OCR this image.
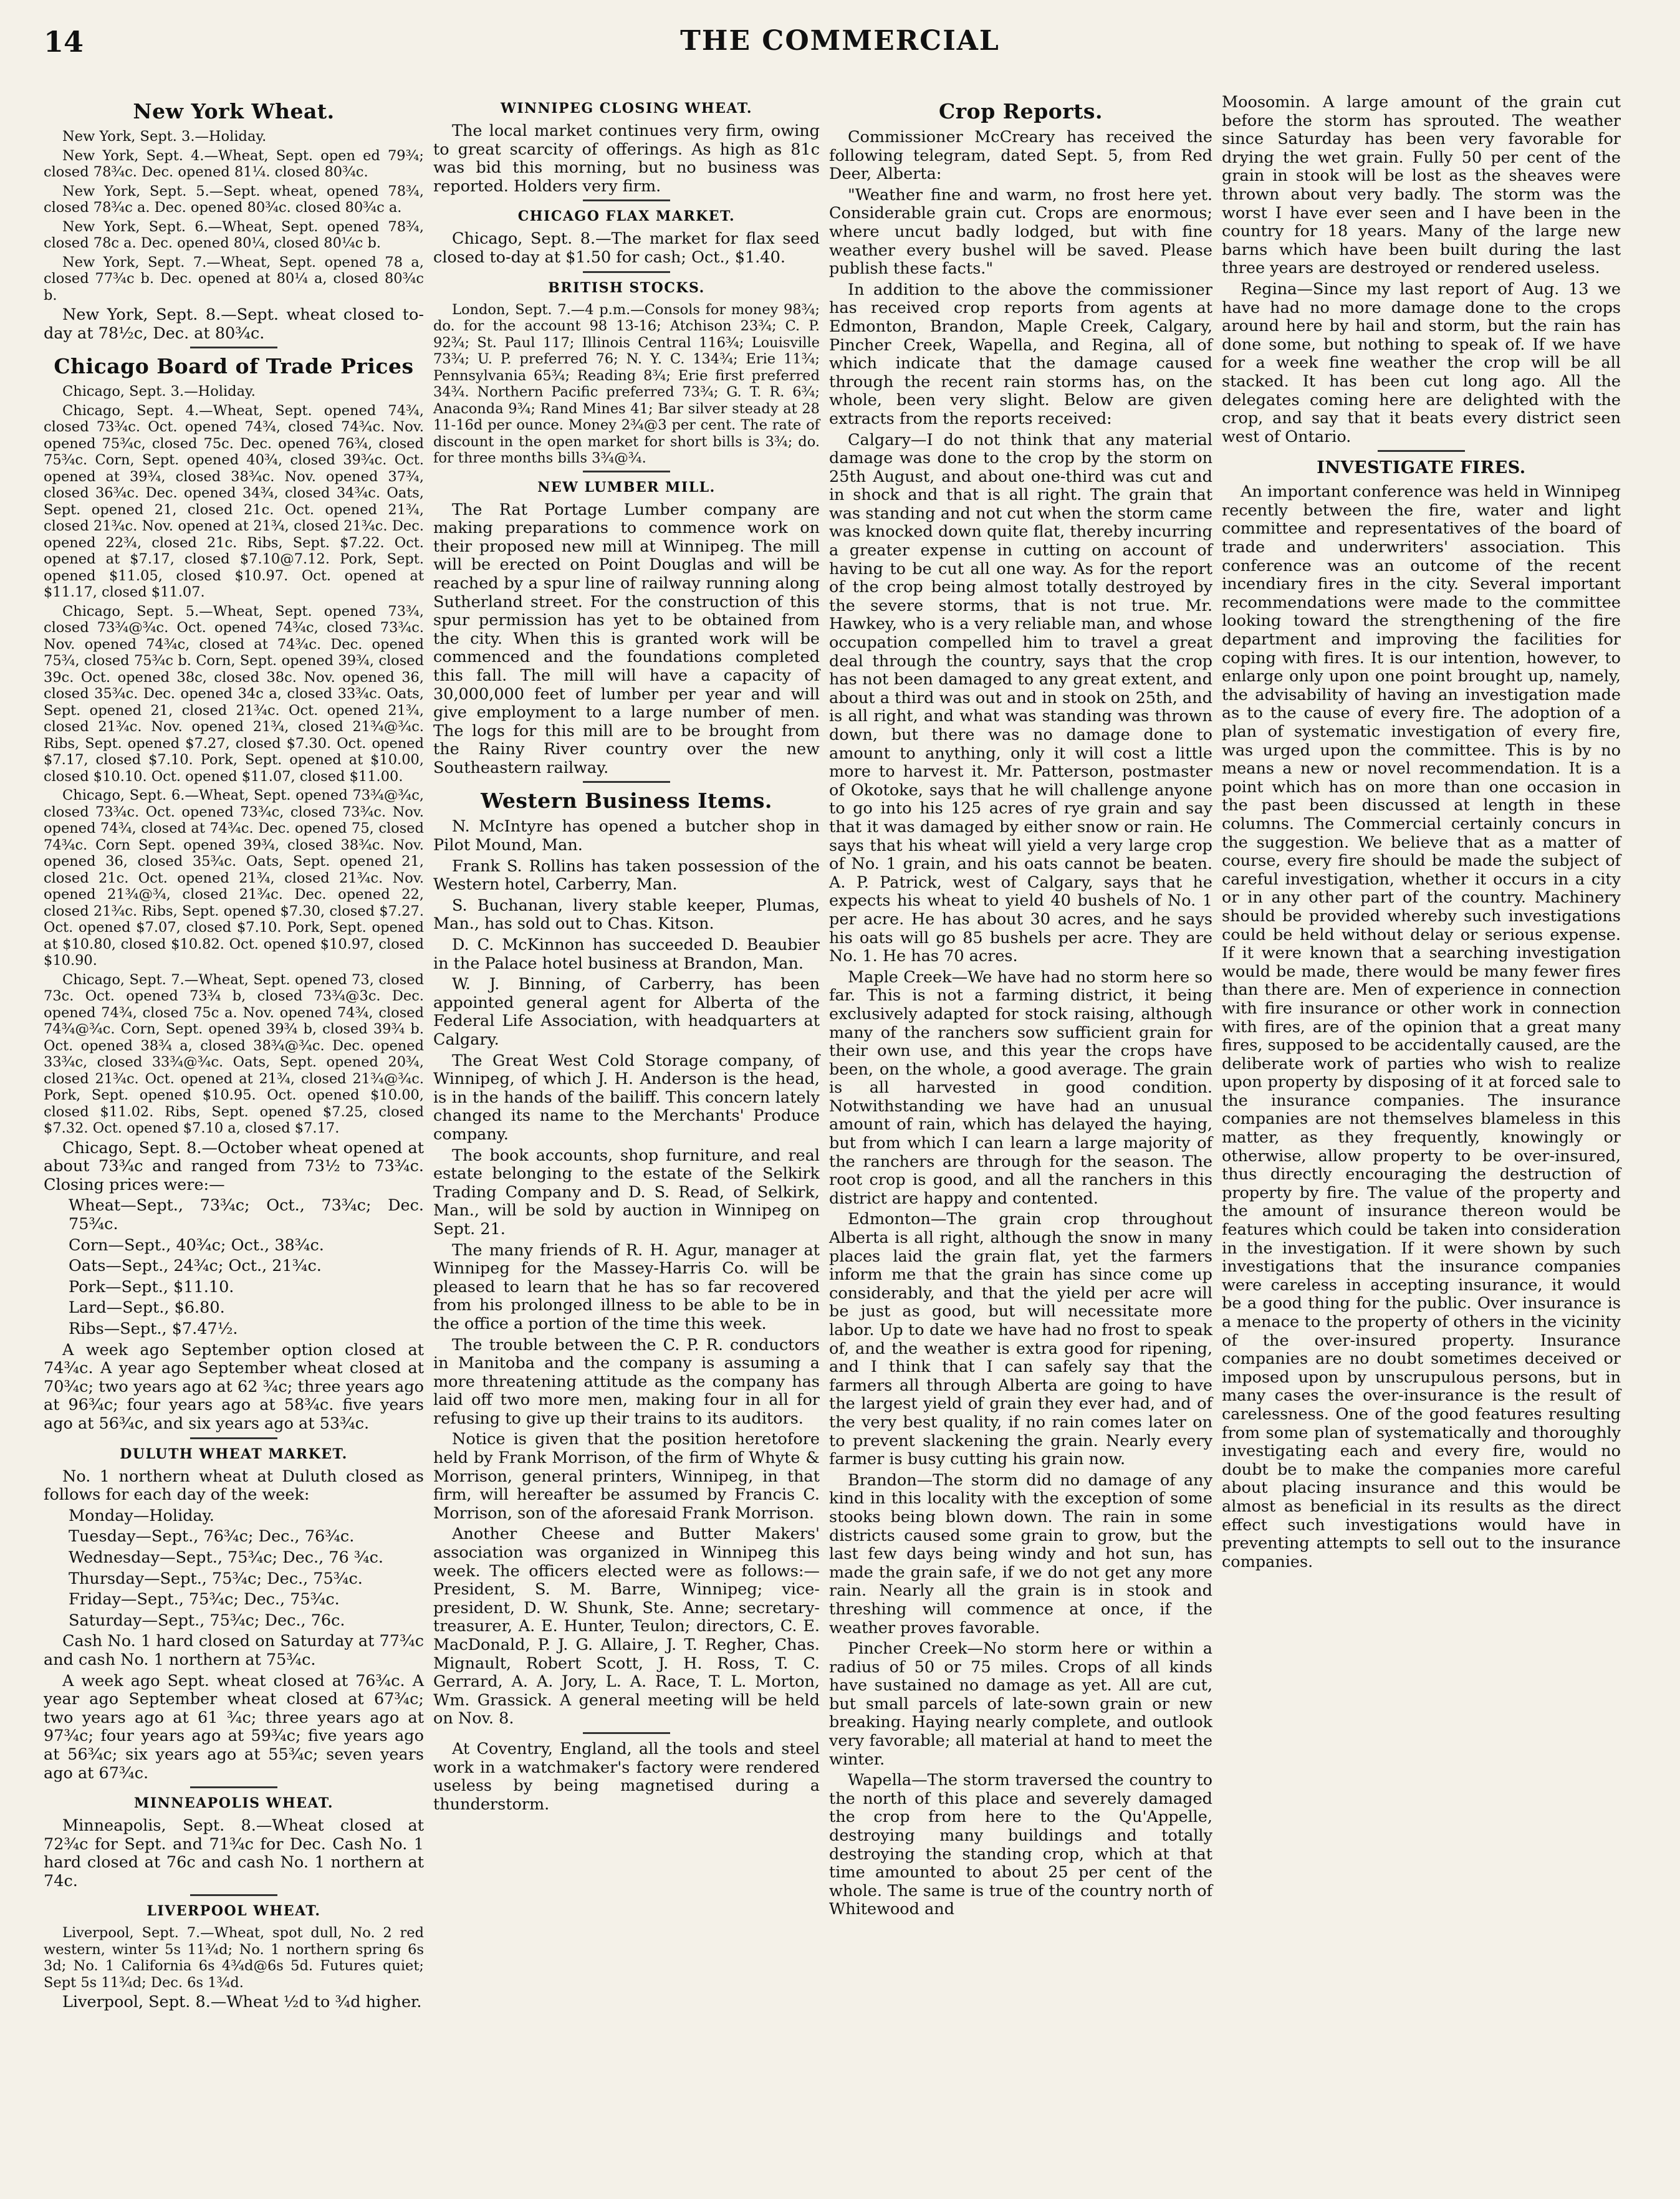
14	THE COMMERCIAL
New York Wheat.

New York, Sept. 3.—Holiday.

New York, Sept. 4.—Wheat, Sept. open ed 79¾; closed 78¾c. Dec. opened 81¼. closed 80¾c.

New York, Sept. 5.—Sept. wheat, opened 78¾, closed 78¾c a. Dec. opened 80¾c. closed 80¾c a.

New York, Sept. 6.—Wheat, Sept. opened 78¾, closed 78c a. Dec. opened 80¼, closed 80¼c b.

New York, Sept. 7.—Wheat, Sept. opened 78 a, closed 77¾c b. Dec. opened at 80¼ a, closed 80¾c b.

New York, Sept. 8.—Sept. wheat closed to-day at 78½c, Dec. at 80¾c.

Chicago Board of Trade Prices

Chicago, Sept. 3.—Holiday.

Chicago, Sept. 4.—Wheat, Sept. opened 74¾, closed 73¾c. Oct. opened 74¾, closed 74¾c. Nov. opened 75¾c, closed 75c. Dec. opened 76¾, closed 75¾c. Corn, Sept. opened 40¾, closed 39¾c. Oct. opened at 39¾, closed 38¾c. Nov. opened 37¾, closed 36¾c. Dec. opened 34¾, closed 34¾c. Oats, Sept. opened 21, closed 21c. Oct. opened 21¾, closed 21¾c. Nov. opened at 21¾, closed 21¾c. Dec. opened 22¾, closed 21c. Ribs, Sept. $7.22. Oct. opened at $7.17, closed $7.10@7.12. Pork, Sept. opened $11.05, closed $10.97. Oct. opened at $11.17, closed $11.07.

Chicago, Sept. 5.—Wheat, Sept. opened 73¾, closed 73¾@¾c. Oct. opened 74¾c, closed 73¾c. Nov. opened 74¾c, closed at 74¾c. Dec. opened 75¾, closed 75¾c b. Corn, Sept. opened 39¾, closed 39c. Oct. opened 38c, closed 38c. Nov. opened 36, closed 35¾c. Dec. opened 34c a, closed 33¾c. Oats, Sept. opened 21, closed 21¾c. Oct. opened 21¾, closed 21¾c. Nov. opened 21¾, closed 21¾@¾c. Ribs, Sept. opened $7.27, closed $7.30. Oct. opened $7.17, closed $7.10. Pork, Sept. opened at $10.00, closed $10.10. Oct. opened $11.07, closed $11.00.

Chicago, Sept. 6.—Wheat, Sept. opened 73¾@¾c, closed 73¾c. Oct. opened 73¾c, closed 73¾c. Nov. opened 74¾, closed at 74¾c. Dec. opened 75, closed 74¾c. Corn Sept. opened 39¾, closed 38¾c. Nov. opened 36, closed 35¾c. Oats, Sept. opened 21, closed 21c. Oct. opened 21¾, closed 21¾c. Nov. opened 21¾@¾, closed 21¾c. Dec. opened 22, closed 21¾c. Ribs, Sept. opened $7.30, closed $7.27. Oct. opened $7.07, closed $7.10. Pork, Sept. opened at $10.80, closed $10.82. Oct. opened $10.97, closed $10.90.

Chicago, Sept. 7.—Wheat, Sept. opened 73, closed 73c. Oct. opened 73¾ b, closed 73¾@3c. Dec. opened 74¾, closed 75c a. Nov. opened 74¾, closed 74¾@¾c. Corn, Sept. opened 39¾ b, closed 39¾ b. Oct. opened 38¾ a, closed 38¾@¾c. Dec. opened 33¾c, closed 33¾@¾c. Oats, Sept. opened 20¾, closed 21¾c. Oct. opened at 21¾, closed 21¾@¾c. Pork, Sept. opened $10.95. Oct. opened $10.00, closed $11.02. Ribs, Sept. opened $7.25, closed $7.32. Oct. opened $7.10 a, closed $7.17.

Chicago, Sept. 8.—October wheat opened at about 73¾c and ranged from 73½ to 73¾c. Closing prices were:—

Wheat—Sept., 73¾c; Oct., 73¾c; Dec. 75¾c.

Corn—Sept., 40¾c; Oct., 38¾c.

Oats—Sept., 24¾c; Oct., 21¾c.

Pork—Sept., $11.10.

Lard—Sept., $6.80.

Ribs—Sept., $7.47½.

A week ago September option closed at 74¾c. A year ago September wheat closed at 70¾c; two years ago at 62 ¾c; three years ago at 96¾c; four years ago at 58¾c. five years ago at 56¾c, and six years ago at 53¾c.

DULUTH WHEAT MARKET.

No. 1 northern wheat at Duluth closed as follows for each day of the week:

Monday—Holiday.

Tuesday—Sept., 76¾c; Dec., 76¾c.

Wednesday—Sept., 75¾c; Dec., 76 ¾c.

Thursday—Sept., 75¾c; Dec., 75¾c.

Friday—Sept., 75¾c; Dec., 75¾c.

Saturday—Sept., 75¾c; Dec., 76c.

Cash No. 1 hard closed on Saturday at 77¾c and cash No. 1 northern at 75¾c.

A week ago Sept. wheat closed at 76¾c. A year ago September wheat closed at 67¾c; two years ago at 61 ¾c; three years ago at 97¾c; four years ago at 59¾c; five years ago at 56¾c; six years ago at 55¾c; seven years ago at 67¾c.

MINNEAPOLIS WHEAT.

Minneapolis, Sept. 8.—Wheat closed at 72¾c for Sept. and 71¾c for Dec. Cash No. 1 hard closed at 76c and cash No. 1 northern at 74c.

LIVERPOOL WHEAT.

Liverpool, Sept. 7.—Wheat, spot dull, No. 2 red western, winter 5s 11¾d; No. 1 northern spring 6s 3d; No. 1 California 6s 4¾d@6s 5d. Futures quiet; Sept 5s 11¾d; Dec. 6s 1¾d.

Liverpool, Sept. 8.—Wheat ½d to ¾d higher.

WINNIPEG CLOSING WHEAT.

The local market continues very firm, owing to great scarcity of offerings. As high as 81c was bid this morning, but no business was reported. Holders very firm.

CHICAGO FLAX MARKET.

Chicago, Sept. 8.—The market for flax seed closed to-day at $1.50 for cash; Oct., $1.40.

BRITISH STOCKS.

London, Sept. 7.—4 p.m.—Consols for money 98¾; do. for the account 98 13-16; Atchison 23¾; C. P. 92¾; St. Paul 117; Illinois Central 116¾; Louisville 73¾; U. P. preferred 76; N. Y. C. 134¾; Erie 11¾; Pennsylvania 65¾; Reading 8¾; Erie first preferred 34¾. Northern Pacific preferred 73¾; G. T. R. 6¾; Anaconda 9¾; Rand Mines 41; Bar silver steady at 28 11-16d per ounce. Money 2¾@3 per cent. The rate of discount in the open market for short bills is 3¾; do. for three months bills 3¾@¾.

NEW LUMBER MILL.

The Rat Portage Lumber company are making preparations to commence work on their proposed new mill at Winnipeg. The mill will be erected on Point Douglas and will be reached by a spur line of railway running along Sutherland street. For the construction of this spur permission has yet to be obtained from the city. When this is granted work will be commenced and the foundations completed this fall. The mill will have a capacity of 30,000,000 feet of lumber per year and will give employment to a large number of men. The logs for this mill are to be brought from the Rainy River country over the new Southeastern railway.

Western Business Items.

N. McIntyre has opened a butcher shop in Pilot Mound, Man.

Frank S. Rollins has taken possession of the Western hotel, Carberry, Man.

S. Buchanan, livery stable keeper, Plumas, Man., has sold out to Chas. Kitson.

D. C. McKinnon has succeeded D. Beaubier in the Palace hotel business at Brandon, Man.

W. J. Binning, of Carberry, has been appointed general agent for Alberta of the Federal Life Association, with headquarters at Calgary.

The Great West Cold Storage company, of Winnipeg, of which J. H. Anderson is the head, is in the hands of the bailiff. This concern lately changed its name to the Merchants' Produce company.

The book accounts, shop furniture, and real estate belonging to the estate of the Selkirk Trading Company and D. S. Read, of Selkirk, Man., will be sold by auction in Winnipeg on Sept. 21.

The many friends of R. H. Agur, manager at Winnipeg for the Massey-Harris Co. will be pleased to learn that he has so far recovered from his prolonged illness to be able to be in the office a portion of the time this week.

The trouble between the C. P. R. conductors in Manitoba and the company is assuming a more threatening attitude as the company has laid off two more men, making four in all for refusing to give up their trains to its auditors.

Notice is given that the position heretofore held by Frank Morrison, of the firm of Whyte & Morrison, general printers, Winnipeg, in that firm, will hereafter be assumed by Francis C. Morrison, son of the aforesaid Frank Morrison.

Another Cheese and Butter Makers' association was organized in Winnipeg this week. The officers elected were as follows:—President, S. M. Barre, Winnipeg; vice-president, D. W. Shunk, Ste. Anne; secretary-treasurer, A. E. Hunter, Teulon; directors, C. E. MacDonald, P. J. G. Allaire, J. T. Regher, Chas. Mignault, Robert Scott, J. H. Ross, T. C. Gerrard, A. A. Jory, L. A. Race, T. L. Morton, Wm. Grassick. A general meeting will be held on Nov. 8.

At Coventry, England, all the tools and steel work in a watchmaker's factory were rendered useless by being magnetised during a thunderstorm.

Crop Reports.

Commissioner McCreary has received the following telegram, dated Sept. 5, from Red Deer, Alberta:

"Weather fine and warm, no frost here yet. Considerable grain cut. Crops are enormous; where uncut badly lodged, but with fine weather every bushel will be saved. Please publish these facts."

In addition to the above the commissioner has received crop reports from agents at Edmonton, Brandon, Maple Creek, Calgary, Pincher Creek, Wapella, and Regina, all of which indicate that the damage caused through the recent rain storms has, on the whole, been very slight. Below are given extracts from the reports received:

Calgary—I do not think that any material damage was done to the crop by the storm on 25th August, and about one-third was cut and in shock and that is all right. The grain that was standing and not cut when the storm came was knocked down quite flat, thereby incurring a greater expense in cutting on account of having to be cut all one way. As for the report of the crop being almost totally destroyed by the severe storms, that is not true. Mr. Hawkey, who is a very reliable man, and whose occupation compelled him to travel a great deal through the country, says that the crop has not been damaged to any great extent, and about a third was out and in stook on 25th, and is all right, and what was standing was thrown down, but there was no damage done to amount to anything, only it will cost a little more to harvest it. Mr. Patterson, postmaster of Okotoke, says that he will challenge anyone to go into his 125 acres of rye grain and say that it was damaged by either snow or rain. He says that his wheat will yield a very large crop of No. 1 grain, and his oats cannot be beaten. A. P. Patrick, west of Calgary, says that he expects his wheat to yield 40 bushels of No. 1 per acre. He has about 30 acres, and he says his oats will go 85 bushels per acre. They are No. 1. He has 70 acres.

Maple Creek—We have had no storm here so far. This is not a farming district, it being exclusively adapted for stock raising, although many of the ranchers sow sufficient grain for their own use, and this year the crops have been, on the whole, a good average. The grain is all harvested in good condition. Notwithstanding we have had an unusual amount of rain, which has delayed the haying, but from which I can learn a large majority of the ranchers are through for the season. The root crop is good, and all the ranchers in this district are happy and contented.

Edmonton—The grain crop throughout Alberta is all right, although the snow in many places laid the grain flat, yet the farmers inform me that the grain has since come up considerably, and that the yield per acre will be just as good, but will necessitate more labor. Up to date we have had no frost to speak of, and the weather is extra good for ripening, and I think that I can safely say that the farmers all through Alberta are going to have the largest yield of grain they ever had, and of the very best quality, if no rain comes later on to prevent slackening the grain. Nearly every farmer is busy cutting his grain now.

Brandon—The storm did no damage of any kind in this locality with the exception of some stooks being blown down. The rain in some districts caused some grain to grow, but the last few days being windy and hot sun, has made the grain safe, if we do not get any more rain. Nearly all the grain is in stook and threshing will commence at once, if the weather proves favorable.

Pincher Creek—No storm here or within a radius of 50 or 75 miles. Crops of all kinds have sustained no damage as yet. All are cut, but small parcels of late-sown grain or new breaking. Haying nearly complete, and outlook very favorable; all material at hand to meet the winter.

Wapella—The storm traversed the country to the north of this place and severely damaged the crop from here to the Qu'Appelle, destroying many buildings and totally destroying the standing crop, which at that time amounted to about 25 per cent of the whole. The same is true of the country north of Whitewood and

Moosomin. A large amount of the grain cut before the storm has sprouted. The weather since Saturday has been very favorable for drying the wet grain. Fully 50 per cent of the grain in stook will be lost as the sheaves were thrown about very badly. The storm was the worst I have ever seen and I have been in the country for 18 years. Many of the large new barns which have been built during the last three years are destroyed or rendered useless.

Regina—Since my last report of Aug. 13 we have had no more damage done to the crops around here by hail and storm, but the rain has done some, but nothing to speak of. If we have for a week fine weather the crop will be all stacked. It has been cut long ago. All the delegates coming here are delighted with the crop, and say that it beats every district seen west of Ontario.

INVESTIGATE FIRES.

An important conference was held in Winnipeg recently between the fire, water and light committee and representatives of the board of trade and underwriters' association. This conference was an outcome of the recent incendiary fires in the city. Several important recommendations were made to the committee looking toward the strengthening of the fire department and improving the facilities for coping with fires. It is our intention, however, to enlarge only upon one point brought up, namely, the advisability of having an investigation made as to the cause of every fire. The adoption of a plan of systematic investigation of every fire, was urged upon the committee. This is by no means a new or novel recommendation. It is a point which has on more than one occasion in the past been discussed at length in these columns. The Commercial certainly concurs in the suggestion. We believe that as a matter of course, every fire should be made the subject of careful investigation, whether it occurs in a city or in any other part of the country. Machinery should be provided whereby such investigations could be held without delay or serious expense. If it were known that a searching investigation would be made, there would be many fewer fires than there are. Men of experience in connection with fire insurance or other work in connection with fires, are of the opinion that a great many fires, supposed to be accidentally caused, are the deliberate work of parties who wish to realize upon property by disposing of it at forced sale to the insurance companies. The insurance companies are not themselves blameless in this matter, as they frequently, knowingly or otherwise, allow property to be over-insured, thus directly encouraging the destruction of property by fire. The value of the property and the amount of insurance thereon would be features which could be taken into consideration in the investigation. If it were shown by such investigations that the insurance companies were careless in accepting insurance, it would be a good thing for the public. Over insurance is a menace to the property of others in the vicinity of the over-insured property. Insurance companies are no doubt sometimes deceived or imposed upon by unscrupulous persons, but in many cases the over-insurance is the result of carelessness. One of the good features resulting from some plan of systematically and thoroughly investigating each and every fire, would no doubt be to make the companies more careful about placing insurance and this would be almost as beneficial in its results as the direct effect such investigations would have in preventing attempts to sell out to the insurance companies.
